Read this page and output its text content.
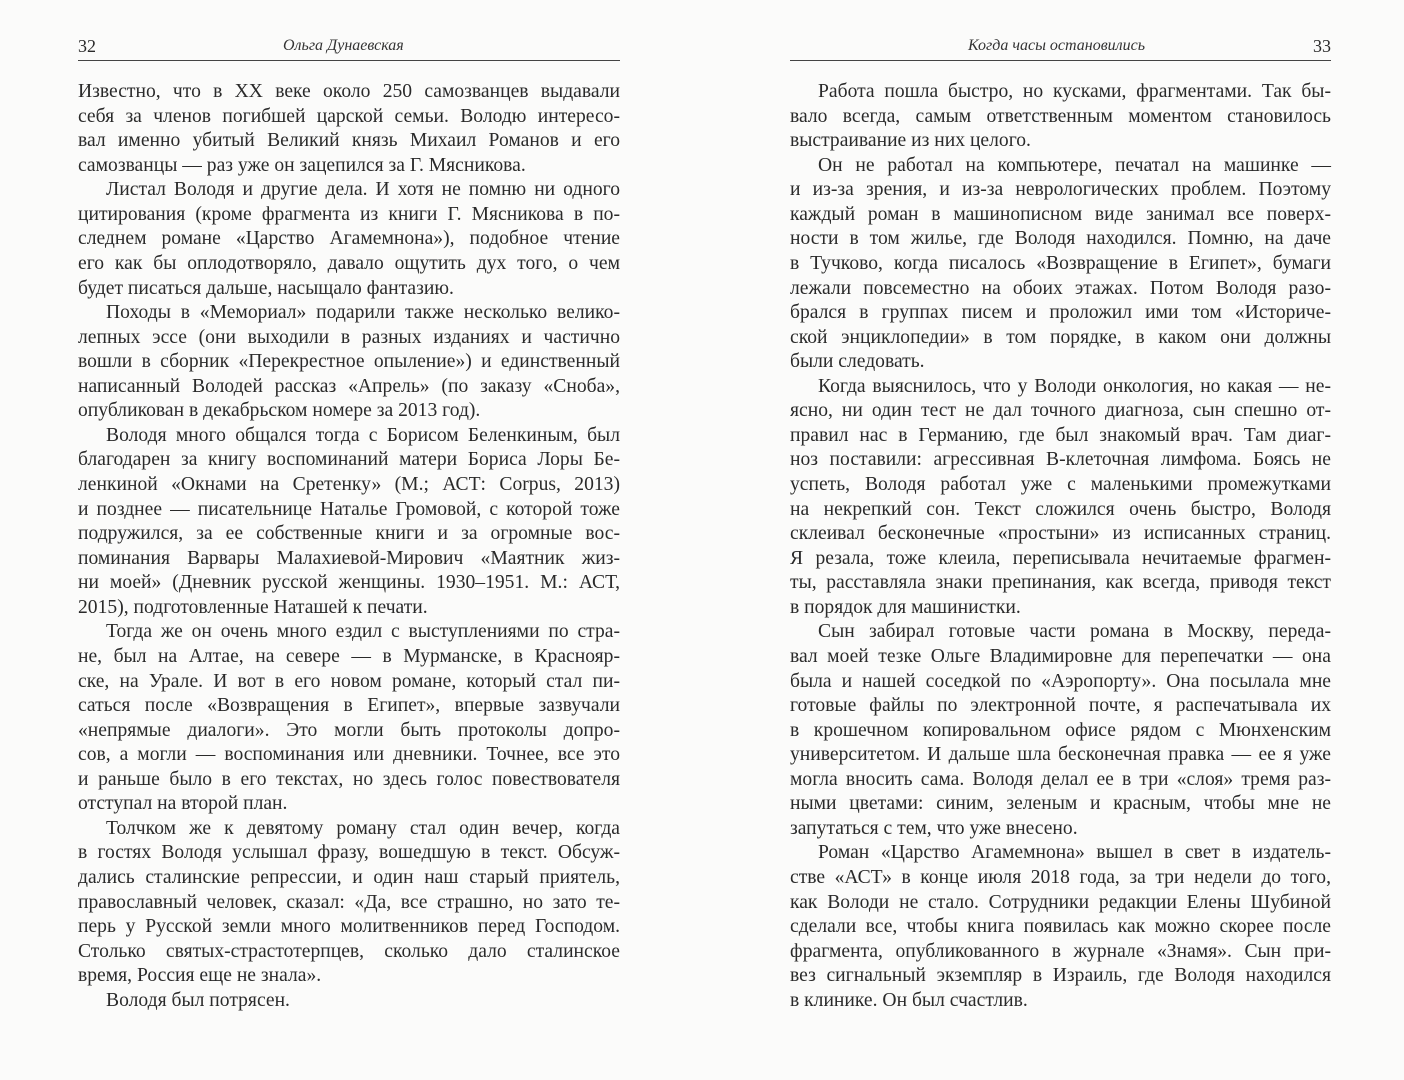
32	Ольга Дунаевская
Известно, что в XX веке около 250 самозванцев выдавали
себя за членов погибшей царской семьи. Володю интересо-
вал именно убитый Великий князь Михаил Романов и его
самозванцы — раз уже он зацепился за Г. Мясникова.
Листал Володя и другие дела. И хотя не помню ни одного
цитирования (кроме фрагмента из книги Г. Мясникова в по-
следнем романе «Царство Агамемнона»), подобное чтение
его как бы оплодотворяло, давало ощутить дух того, о чем
будет писаться дальше, насыщало фантазию.
Походы в «Мемориал» подарили также несколько велико-
лепных эссе (они выходили в разных изданиях и частично
вошли в сборник «Перекрестное опыление») и единственный
написанный Володей рассказ «Апрель» (по заказу «Сноба»,
опубликован в декабрьском номере за 2013 год).
Володя много общался тогда с Борисом Беленкиным, был
благодарен за книгу воспоминаний матери Бориса Лоры Бе-
ленкиной «Окнами на Сретенку» (М.; АСТ: Corpus, 2013)
и позднее — писательнице Наталье Громовой, с которой тоже
подружился, за ее собственные книги и за огромные вос-
поминания Варвары Малахиевой-Мирович «Маятник жиз-
ни моей» (Дневник русской женщины. 1930–1951. М.: АСТ,
2015), подготовленные Наташей к печати.
Тогда же он очень много ездил с выступлениями по стра-
не, был на Алтае, на севере — в Мурманске, в Краснояр-
ске, на Урале. И вот в его новом романе, который стал пи-
саться после «Возвращения в Египет», впервые зазвучали
«непрямые диалоги». Это могли быть протоколы допро-
сов, а могли — воспоминания или дневники. Точнее, все это
и раньше было в его текстах, но здесь голос повествователя
отступал на второй план.
Толчком же к девятому роману стал один вечер, когда
в гостях Володя услышал фразу, вошедшую в текст. Обсуж-
дались сталинские репрессии, и один наш старый приятель,
православный человек, сказал: «Да, все страшно, но зато те-
перь у Русской земли много молитвенников перед Господом.
Столько святых-страстотерпцев, сколько дало сталинское
время, Россия еще не знала».
Володя был потрясен.
Когда часы остановились	33
Работа пошла быстро, но кусками, фрагментами. Так бы-
вало всегда, самым ответственным моментом становилось
выстраивание из них целого.
Он не работал на компьютере, печатал на машинке —
и из-за зрения, и из-за неврологических проблем. Поэтому
каждый роман в машинописном виде занимал все поверх-
ности в том жилье, где Володя находился. Помню, на даче
в Тучково, когда писалось «Возвращение в Египет», бумаги
лежали повсеместно на обоих этажах. Потом Володя разо-
брался в группах писем и проложил ими том «Историче-
ской энциклопедии» в том порядке, в каком они должны
были следовать.
Когда выяснилось, что у Володи онкология, но какая — не-
ясно, ни один тест не дал точного диагноза, сын спешно от-
правил нас в Германию, где был знакомый врач. Там диаг-
ноз поставили: агрессивная B-клеточная лимфома. Боясь не
успеть, Володя работал уже с маленькими промежутками
на некрепкий сон. Текст сложился очень быстро, Володя
склеивал бесконечные «простыни» из исписанных страниц.
Я резала, тоже клеила, переписывала нечитаемые фрагмен-
ты, расставляла знаки препинания, как всегда, приводя текст
в порядок для машинистки.
Сын забирал готовые части романа в Москву, переда-
вал моей тезке Ольге Владимировне для перепечатки — она
была и нашей соседкой по «Аэропорту». Она посылала мне
готовые файлы по электронной почте, я распечатывала их
в крошечном копировальном офисе рядом с Мюнхенским
университетом. И дальше шла бесконечная правка — ее я уже
могла вносить сама. Володя делал ее в три «слоя» тремя раз-
ными цветами: синим, зеленым и красным, чтобы мне не
запутаться с тем, что уже внесено.
Роман «Царство Агамемнона» вышел в свет в издатель-
стве «АСТ» в конце июля 2018 года, за три недели до того,
как Володи не стало. Сотрудники редакции Елены Шубиной
сделали все, чтобы книга появилась как можно скорее после
фрагмента, опубликованного в журнале «Знамя». Сын при-
вез сигнальный экземпляр в Израиль, где Володя находился
в клинике. Он был счастлив.
